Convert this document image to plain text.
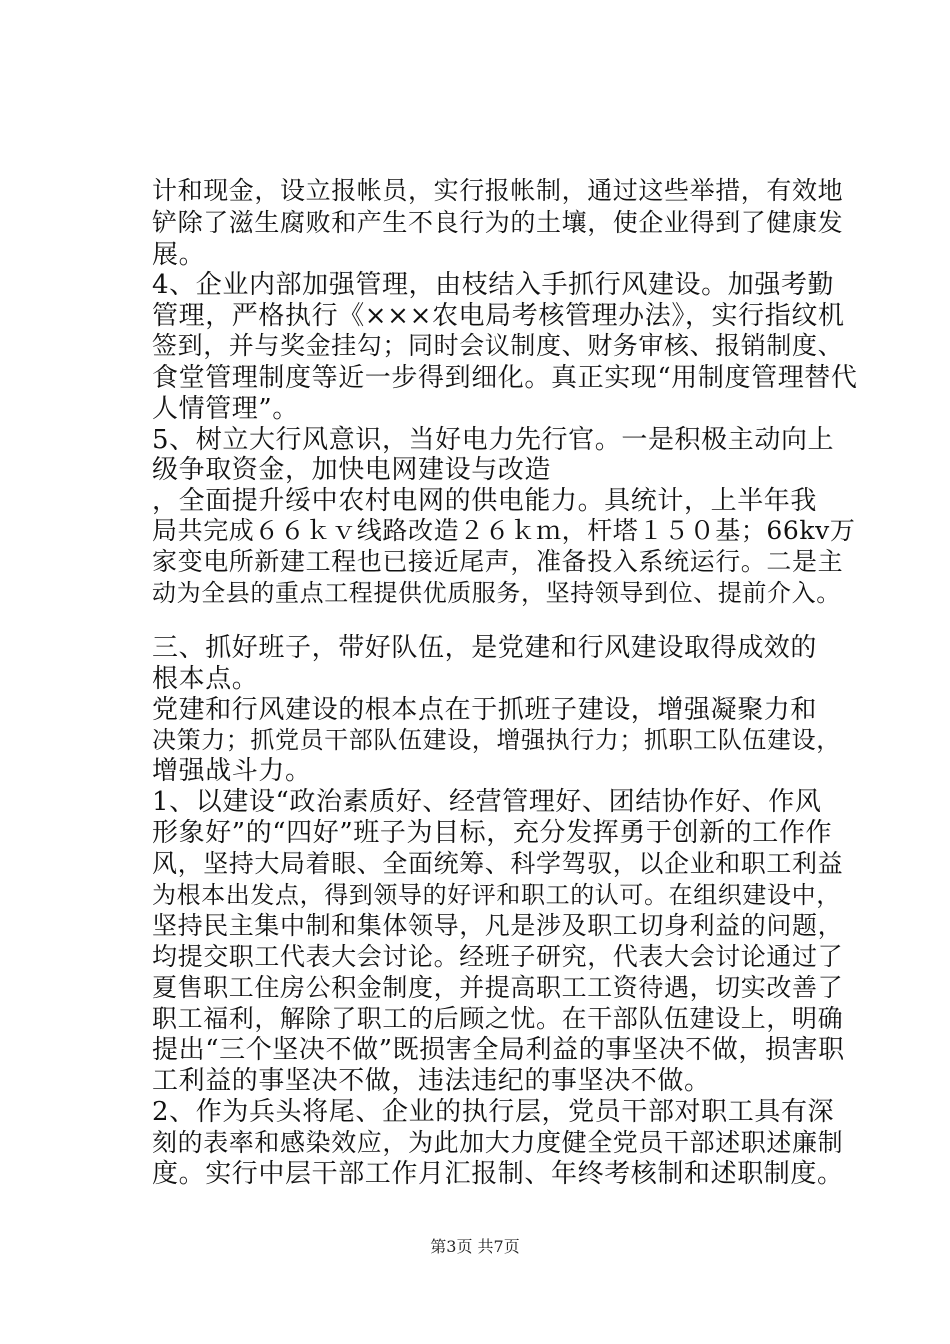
计和现金，设立报帐员，实行报帐制，通过这些举措，有效地
铲除了滋生腐败和产生不良行为的土壤，使企业得到了健康发
展。
4、企业内部加强管理，由枝结入手抓行风建设。加强考勤
管理，严格执行《×××农电局考核管理办法》，实行指纹机
签到，并与奖金挂勾；同时会议制度、财务审核、报销制度、
食堂管理制度等近一步得到细化。真正实现“用制度管理替代
人情管理”。
5、树立大行风意识，当好电力先行官。一是积极主动向上
级争取资金，加快电网建设与改造
，全面提升绥中农村电网的供电能力。具统计，上半年我
局共完成６６ｋｖ线路改造２６ｋｍ，杆塔１５０基；66kv万
家变电所新建工程也已接近尾声，准备投入系统运行。二是主
动为全县的重点工程提供优质服务，坚持领导到位、提前介入。
三、抓好班子，带好队伍，是党建和行风建设取得成效的
根本点。
党建和行风建设的根本点在于抓班子建设，增强凝聚力和
决策力；抓党员干部队伍建设，增强执行力；抓职工队伍建设，
增强战斗力。
1、以建设“政治素质好、经营管理好、团结协作好、作风
形象好”的“四好”班子为目标，充分发挥勇于创新的工作作
风，坚持大局着眼、全面统筹、科学驾驭，以企业和职工利益
为根本出发点，得到领导的好评和职工的认可。在组织建设中，
坚持民主集中制和集体领导，凡是涉及职工切身利益的问题，
均提交职工代表大会讨论。经班子研究，代表大会讨论通过了
夏售职工住房公积金制度，并提高职工工资待遇，切实改善了
职工福利，解除了职工的后顾之忧。在干部队伍建设上，明确
提出“三个坚决不做”既损害全局利益的事坚决不做，损害职
工利益的事坚决不做，违法违纪的事坚决不做。
2、作为兵头将尾、企业的执行层，党员干部对职工具有深
刻的表率和感染效应，为此加大力度健全党员干部述职述廉制
度。实行中层干部工作月汇报制、年终考核制和述职制度。
第3页 共7页
